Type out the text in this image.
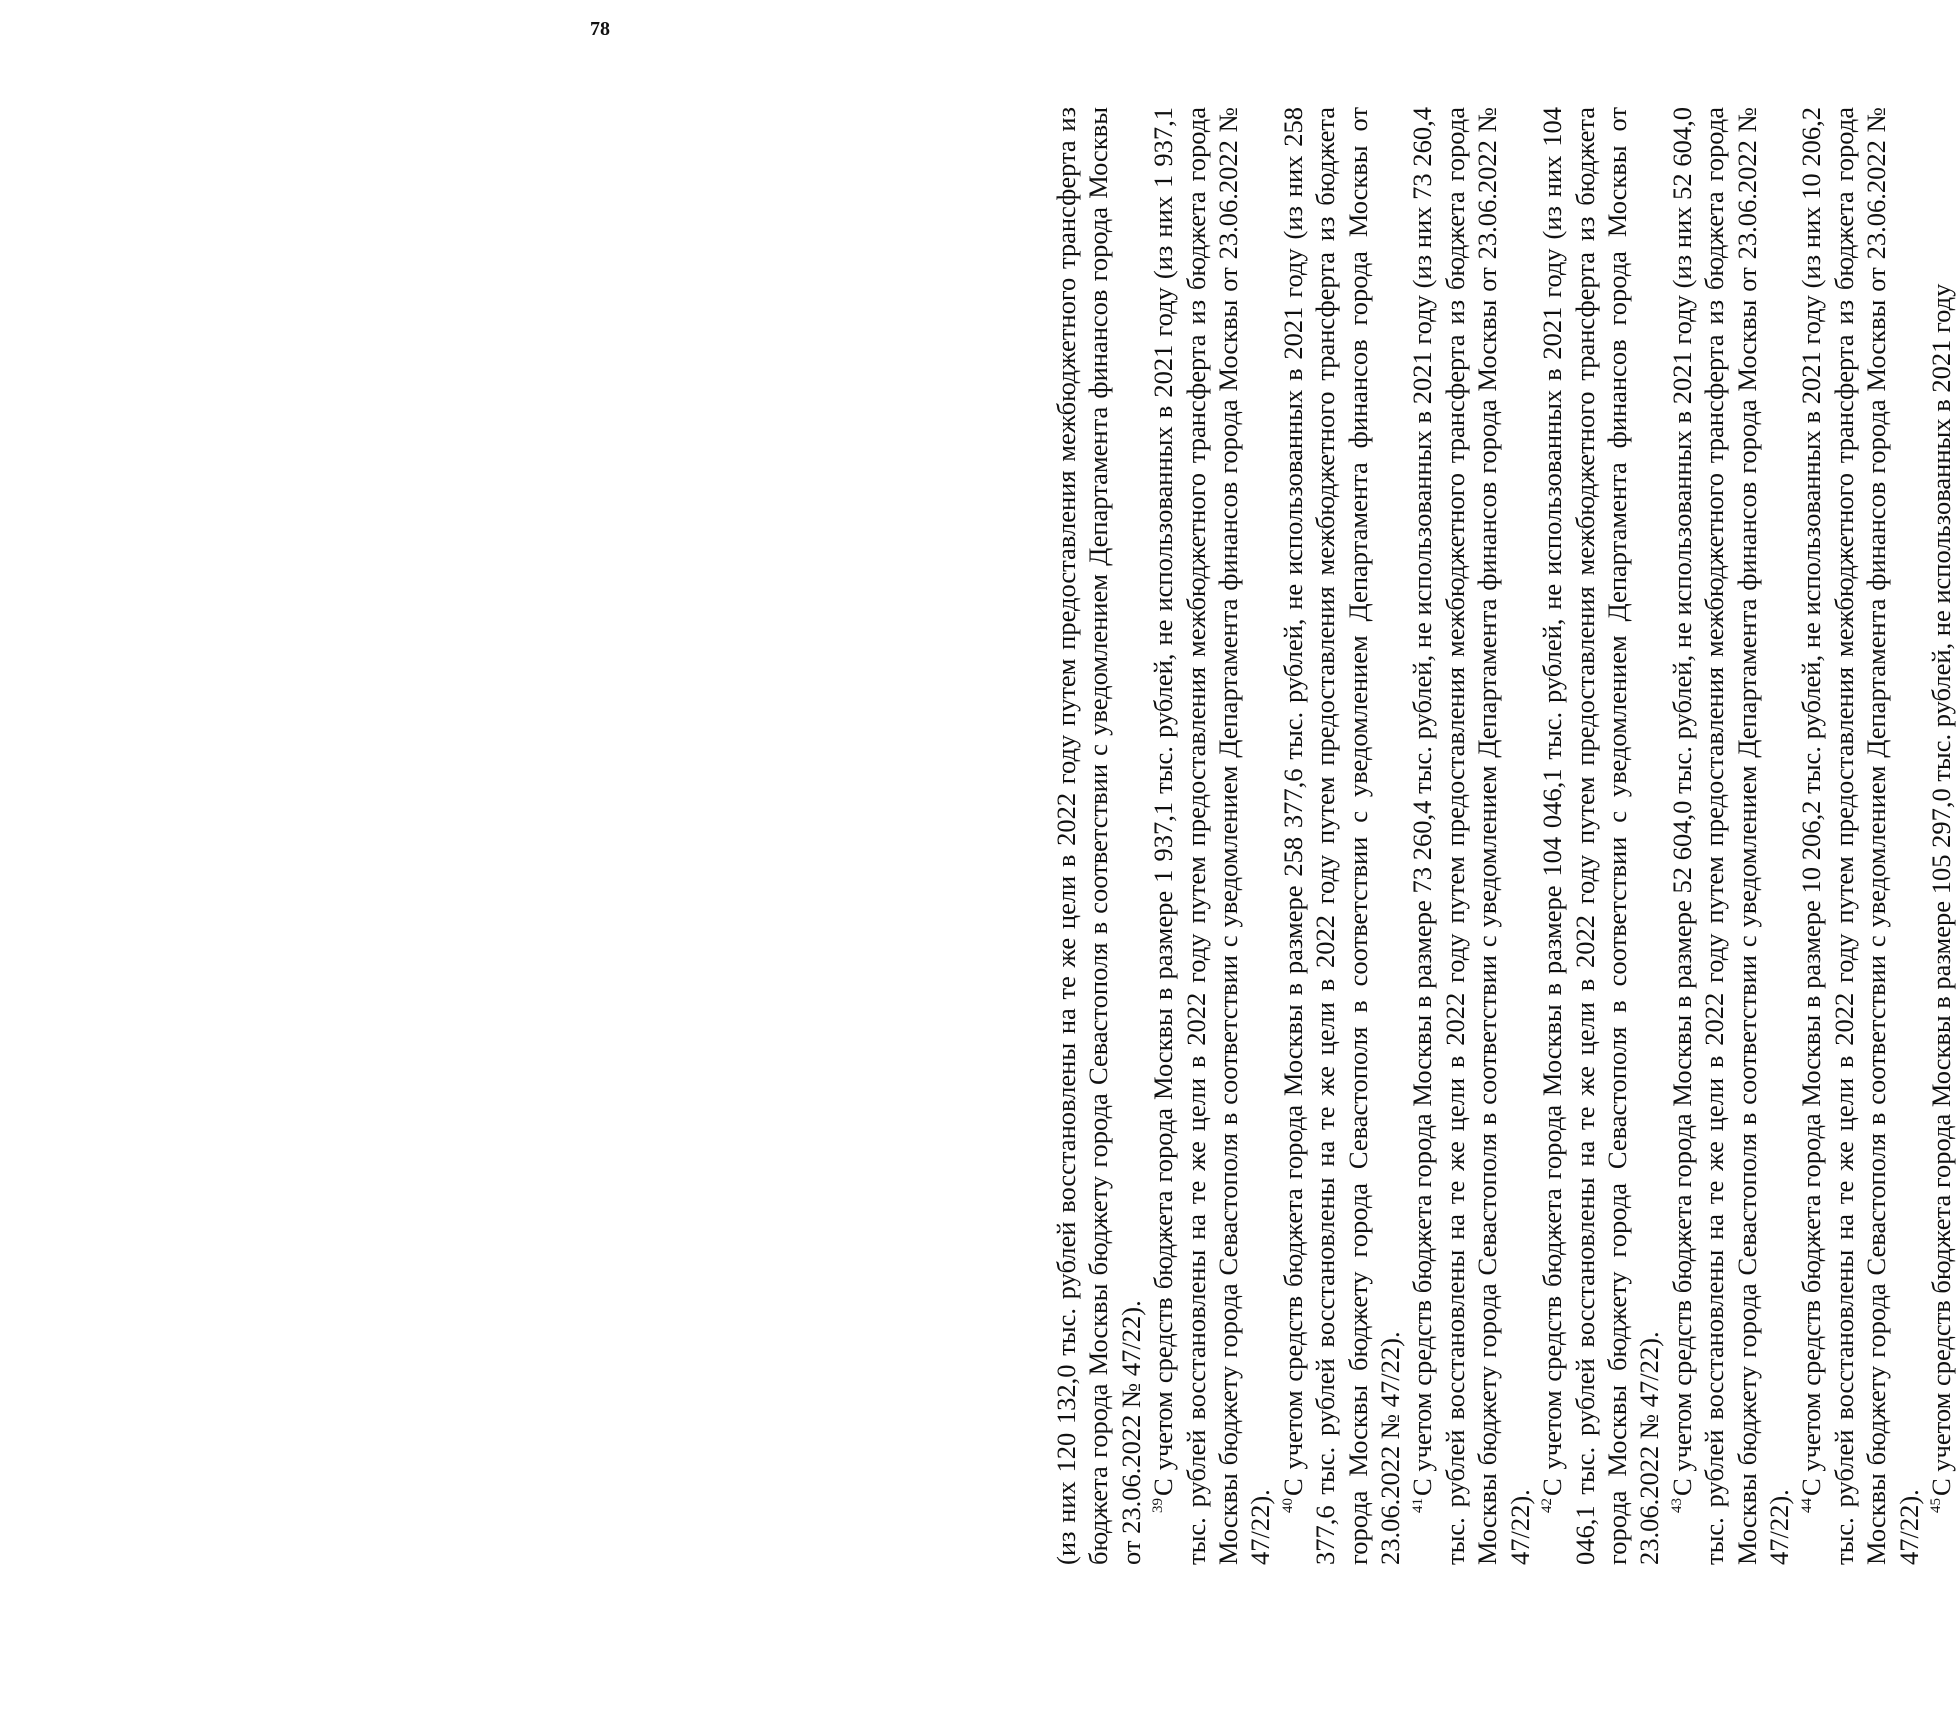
78

(из них 120 132,0 тыс. рублей восстановлены на те же цели в 2022 году путем предоставления межбюджетного трансферта из бюджета города Москвы бюджету города Севастополя в соответствии с уведомлением Департамента финансов города Москвы от 23.06.2022 № 47/22). $^{39}$С учетом средств бюджета города Москвы в размере 1 937,1 тыс. рублей, не использованных в 2021 году (из них 1 937,1 тыс. рублей восстановлены на те же цели в 2022 году путем предоставления межбюджетного трансферта из бюджета города Москвы бюджету города Севастополя в соответствии с уведомлением Департамента финансов города Москвы от 23.06.2022 № 47/22). $^{40}$С учетом средств бюджета города Москвы в размере 258 377,6 тыс. рублей, не использованных в 2021 году (из них 258 377,6 тыс. рублей восстановлены на те же цели в 2022 году путем предоставления межбюджетного трансферта из бюджета города Москвы бюджету города Севастополя в соответствии с уведомлением Департамента финансов города Москвы от 23.06.2022 № 47/22). $^{41}$С учетом средств бюджета города Москвы в размере 73 260,4 тыс. рублей, не использованных в 2021 году (из них 73 260,4 тыс. рублей восстановлены на те же цели в 2022 году путем предоставления межбюджетного трансферта из бюджета города Москвы бюджету города Севастополя в соответствии с уведомлением Департамента финансов города Москвы от 23.06.2022 № 47/22). $^{42}$С учетом средств бюджета города Москвы в размере 104 046,1 тыс. рублей, не использованных в 2021 году (из них 104 046,1 тыс. рублей восстановлены на те же цели в 2022 году путем предоставления межбюджетного трансферта из бюджета города Москвы бюджету города Севастополя в соответствии с уведомлением Департамента финансов города Москвы от 23.06.2022 № 47/22). $^{43}$С учетом средств бюджета города Москвы в размере 52 604,0 тыс. рублей, не использованных в 2021 году (из них 52 604,0 тыс. рублей восстановлены на те же цели в 2022 году путем предоставления межбюджетного трансферта из бюджета города Москвы бюджету города Севастополя в соответствии с уведомлением Департамента финансов города Москвы от 23.06.2022 № 47/22). $^{44}$С учетом средств бюджета города Москвы в размере 10 206,2 тыс. рублей, не использованных в 2021 году (из них 10 206,2 тыс. рублей восстановлены на те же цели в 2022 году путем предоставления межбюджетного трансферта из бюджета города Москвы бюджету города Севастополя в соответствии с уведомлением Департамента финансов города Москвы от 23.06.2022 № 47/22). $^{45}$С учетом средств бюджета города Москвы в размере 105 297,0 тыс. рублей, не использованных в 2021 году
